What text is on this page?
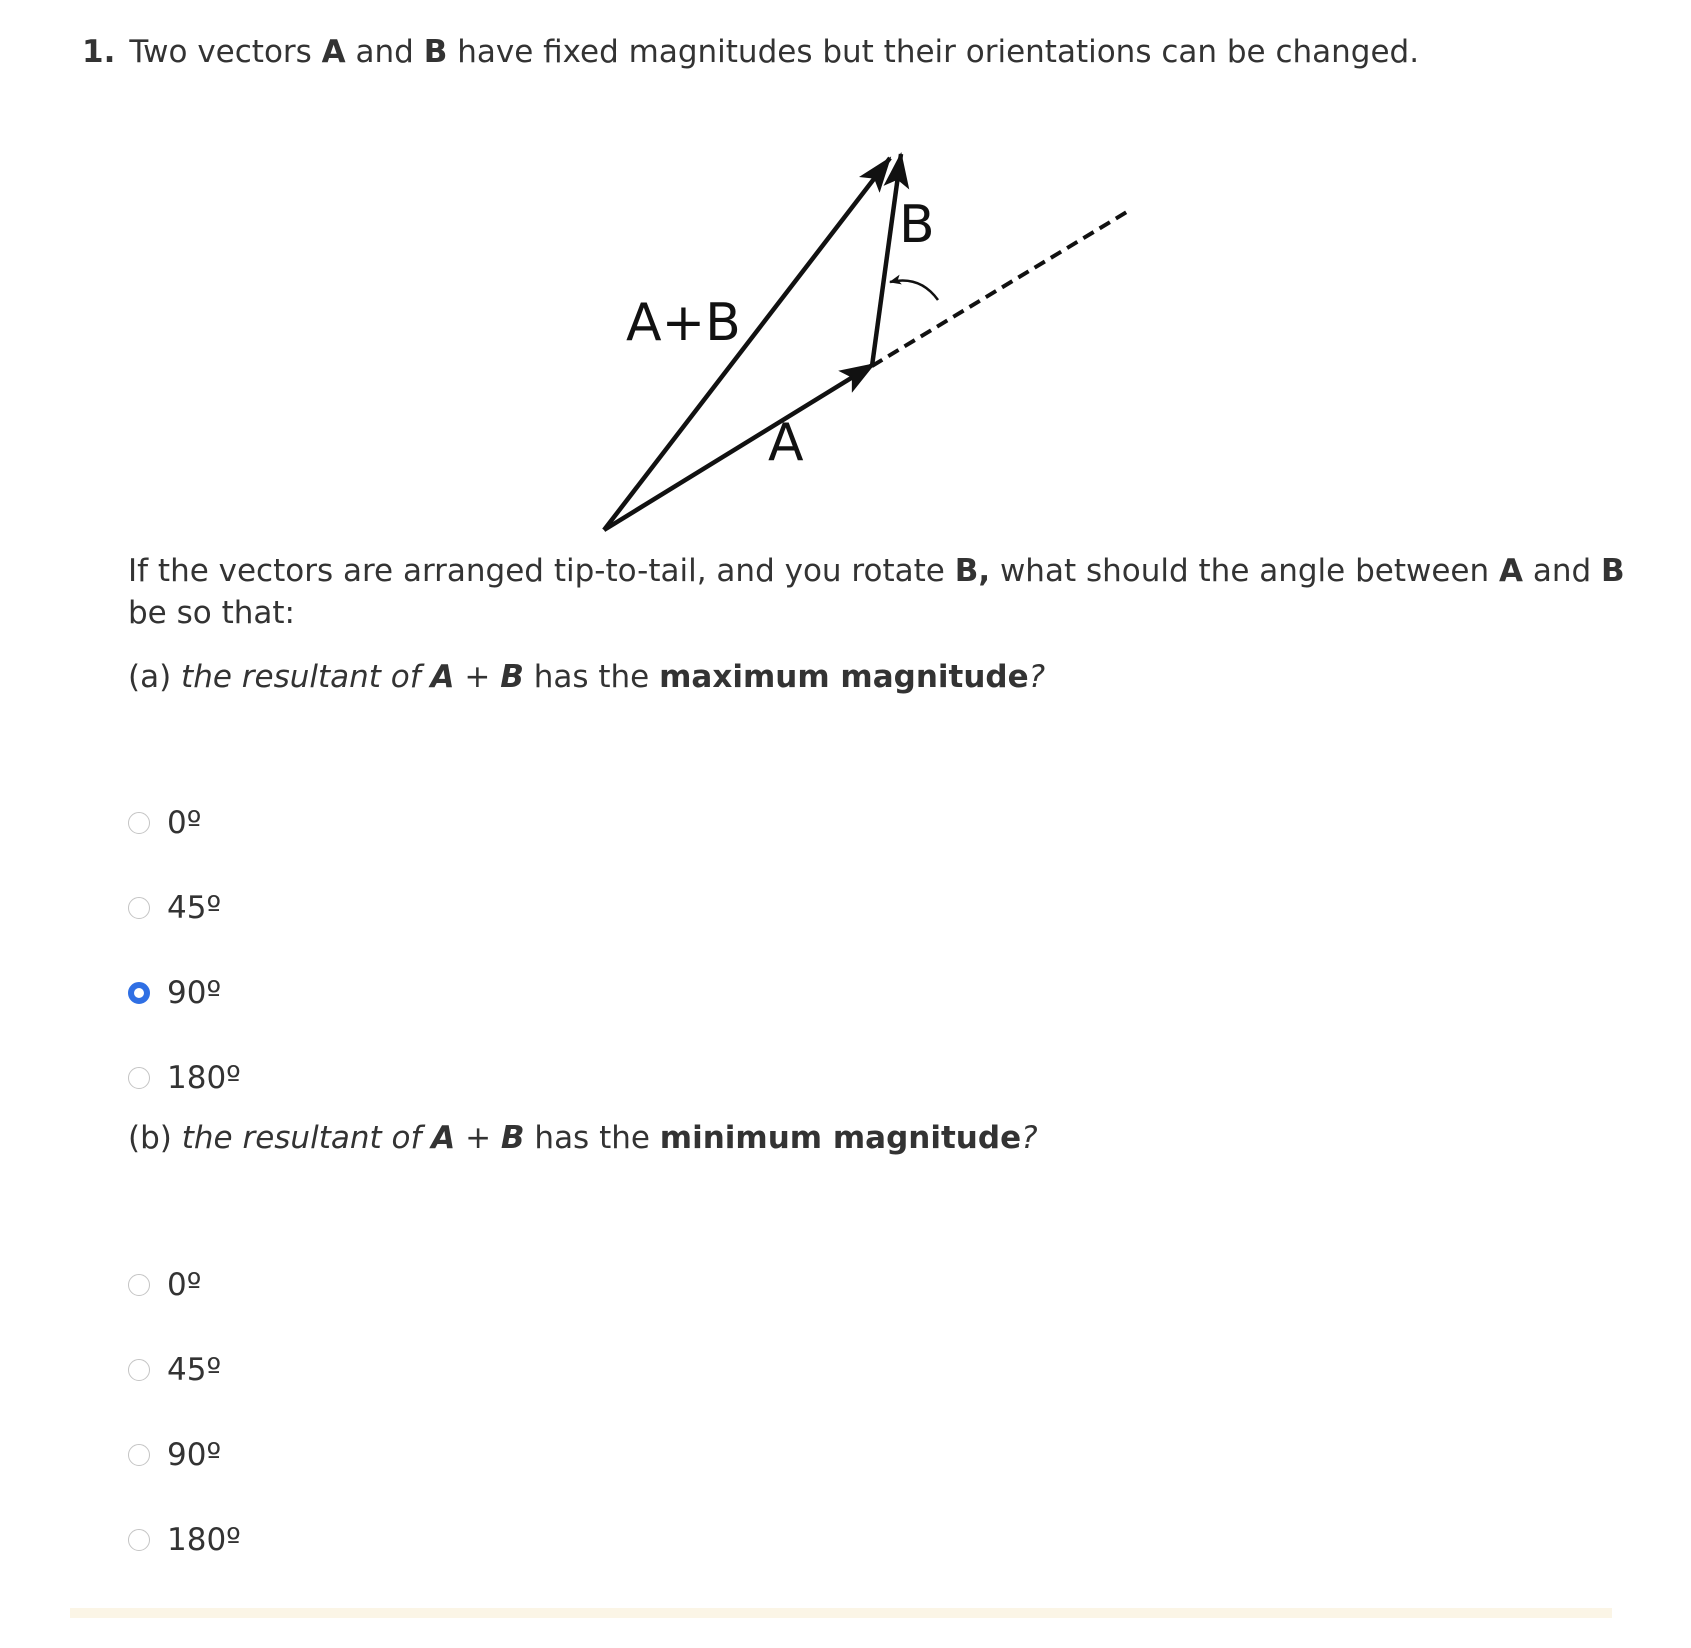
1. Two vectors A and B have fixed magnitudes but their orientations can be changed.
A+B
A
B
If the vectors are arranged tip-to-tail, and you rotate B, what should the angle between A and B be so that:
(a) the resultant of A + B has the maximum magnitude?
0º
45º
90º
180º
(b) the resultant of A + B has the minimum magnitude?
0º
45º
90º
180º
